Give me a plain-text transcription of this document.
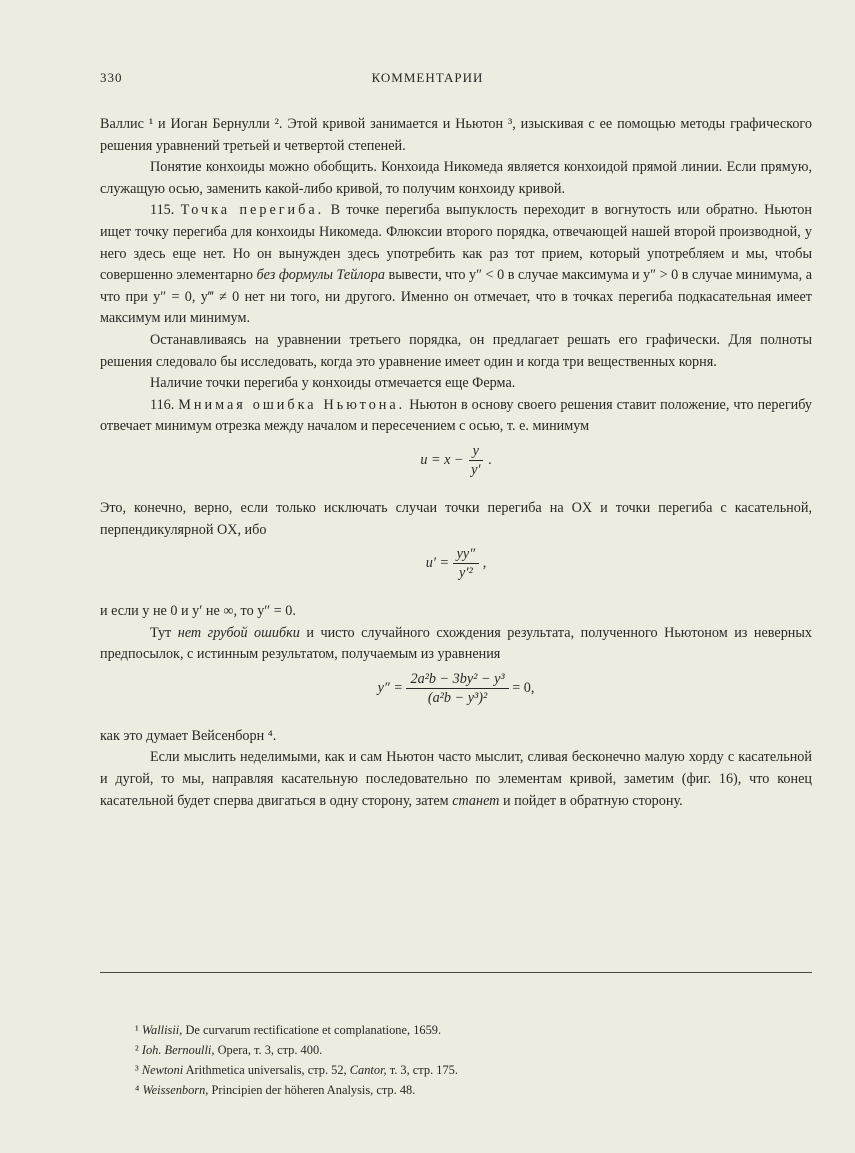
330	КОММЕНТАРИИ

Валлис ¹ и Иоган Бернулли ². Этой кривой занимается и Ньютон ³, изыскивая с ее помощью методы графического решения уравнений третьей и четвертой степеней.

Понятие конхоиды можно обобщить. Конхоида Никомеда является конхоидой прямой линии. Если прямую, служащую осью, заменить какой-либо кривой, то получим конхоиду кривой.

115. Точка перегиба. В точке перегиба выпуклость переходит в вогнутость или обратно. Ньютон ищет точку перегиба для конхоиды Никомеда. Флюксии второго порядка, отвечающей нашей второй производной, у него здесь еще нет. Но он вынужден здесь употребить как раз тот прием, который употребляем и мы, чтобы совершенно элементарно без формулы Тейлора вывести, что y″ < 0 в случае максимума и y″ > 0 в случае минимума, а что при y″ = 0, y‴ ≠ 0 нет ни того, ни другого. Именно он отмечает, что в точках перегиба подкасательная имеет максимум или минимум.

Останавливаясь на уравнении третьего порядка, он предлагает решать его графически. Для полноты решения следовало бы исследовать, когда это уравнение имеет один и когда три вещественных корня.

Наличие точки перегиба у конхоиды отмечается еще Ферма.

116. Мнимая ошибка Ньютона. Ньютон в основу своего решения ставит положение, что перегибу отвечает минимум отрезка между началом и пересечением с осью, т. е. минимум

$u = x - \frac{y}{y'}$ .

Это, конечно, верно, если только исключать случаи точки перегиба на OX и точки перегиба с касательной, перпендикулярной OX, ибо

$u' = \frac{yy''}{\text{y′²}}$ ,

и если y не 0 и y′ не ∞, то y″ = 0.

Тут нет грубой ошибки и чисто случайного схождения результата, полученного Ньютоном из неверных предпосылок, с истинным результатом, получаемым из уравнения

$y'' = \frac{\text{2a²b − 3by² − y³}}{\text{(a²b − y³)²}} = 0$,

как это думает Вейсенборн ⁴.

Если мыслить неделимыми, как и сам Ньютон часто мыслит, сливая бесконечно малую хорду с касательной и дугой, то мы, направляя касательную последовательно по элементам кривой, заметим (фиг. 16), что конец касательной будет сперва двигаться в одну сторону, затем станет и пойдет в обратную сторону.

¹ Wallisii, De curvarum rectificatione et complanatione, 1659.
² Ioh. Bernoulli, Opera, т. 3, стр. 400.
³ Newtoni Arithmetica universalis, стр. 52, Cantor, т. 3, стр. 175.
⁴ Weissenborn, Principien der höheren Analysis, стр. 48.
